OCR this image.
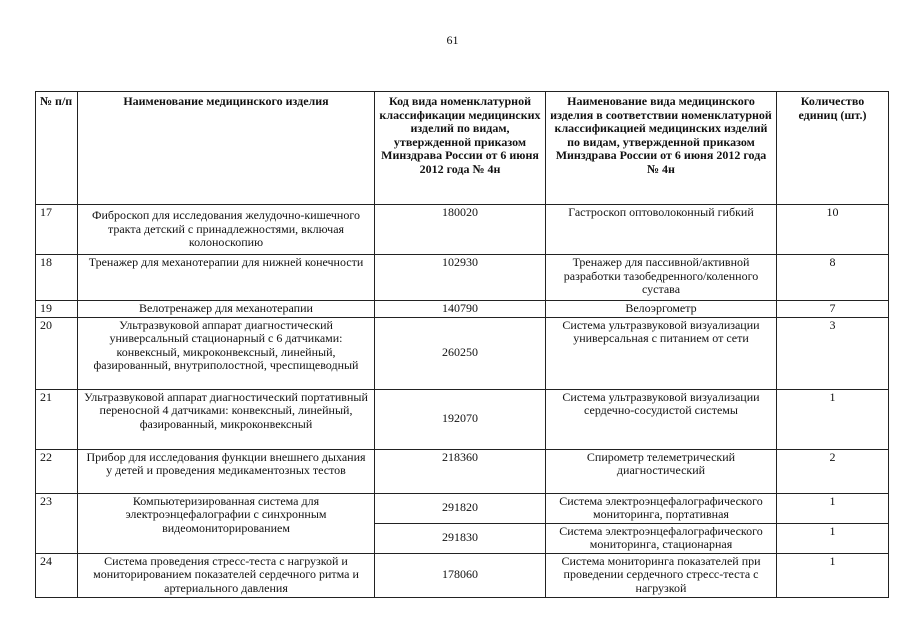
61
№ п/п	Наименование медицинского изделия	Код вида номенклатурной классификации медицинских изделий по видам, утвержденной приказом Минздрава России от 6 июня 2012 года № 4н	Наименование вида медицинского изделия в соответствии номенклатурной классификацией медицинских изделий по видам, утвержденной приказом Минздрава России от 6 июня 2012 года № 4н	Количество единиц (шт.)
17	Фиброскоп для исследования желудочно-кишечного тракта детский с принадлежностями, включая колоноскопию	180020	Гастроскоп оптоволоконный гибкий	10
18	Тренажер для механотерапии для нижней конечности	102930	Тренажер для пассивной/активной разработки тазобедренного/коленного сустава	8
19	Велотренажер для механотерапии	140790	Велоэргометр	7
20	Ультразвуковой аппарат диагностический универсальный стационарный с 6 датчиками: конвексный, микроконвексный, линейный, фазированный, внутриполостной, чреспищеводный	260250	Система ультразвуковой визуализации универсальная с питанием от сети	3
21	Ультразвуковой аппарат диагностический портативный переносной 4 датчиками: конвексный, линейный, фазированный, микроконвексный	192070	Система ультразвуковой визуализации сердечно-сосудистой системы	1
22	Прибор для исследования функции внешнего дыхания у детей и проведения медикаментозных тестов	218360	Спирометр телеметрический диагностический	2
23	Компьютеризированная система для электроэнцефалографии с синхронным видеомониторированием	291820	Система электроэнцефалографического мониторинга, портативная	1
		291830	Система электроэнцефалографического мониторинга, стационарная	1
24	Система проведения стресс-теста с нагрузкой и мониторированием показателей сердечного ритма и артериального давления	178060	Система мониторинга показателей при проведении сердечного стресс-теста с нагрузкой	1
